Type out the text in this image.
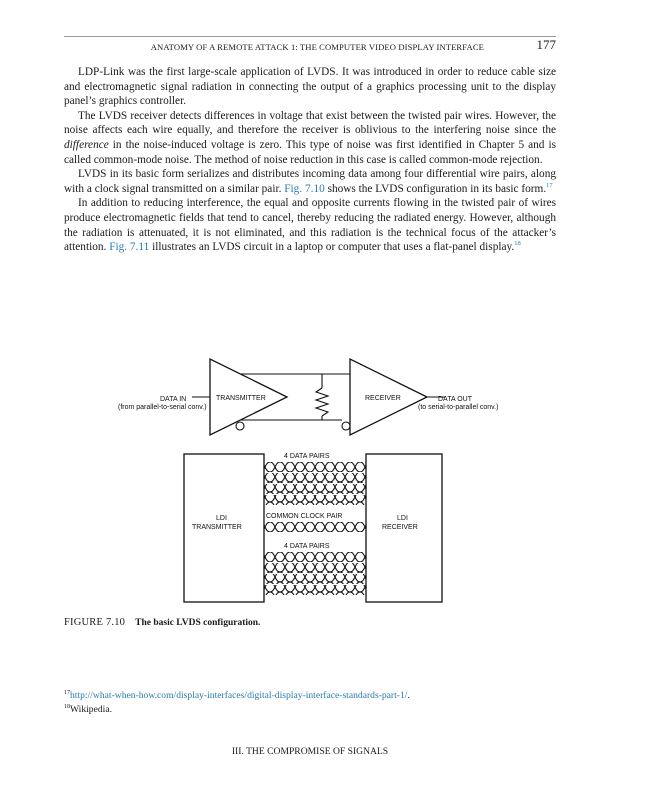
ANATOMY OF A REMOTE ATTACK 1: THE COMPUTER VIDEO DISPLAY INTERFACE	177

LDP-Link was the first large-scale application of LVDS. It was introduced in order to reduce cable size and electromagnetic signal radiation in connecting the output of a graphics processing unit to the display panel’s graphics controller.

The LVDS receiver detects differences in voltage that exist between the twisted pair wires. However, the noise affects each wire equally, and therefore the receiver is oblivious to the interfering noise since the difference in the noise-induced voltage is zero. This type of noise was first identified in Chapter 5 and is called common-mode noise. The method of noise reduction in this case is called common-mode rejection.

LVDS in its basic form serializes and distributes incoming data among four differential wire pairs, along with a clock signal transmitted on a similar pair. Fig. 7.10 shows the LVDS configuration in its basic form.$^{17}$

In addition to reducing interference, the equal and opposite currents flowing in the twisted pair of wires produce electromagnetic fields that tend to cancel, thereby reducing the radiated energy. However, although the radiation is attenuated, it is not eliminated, and this radiation is the technical focus of the attacker’s attention. Fig. 7.11 illustrates an LVDS circuit in a laptop or computer that uses a flat-panel display.$^{18}$

DATA IN
(from parallel-to-serial conv.)
TRANSMITTER	RECEIVER	DATA OUT
(to serial-to-parallel conv.)
4 DATA PAIRS
COMMON CLOCK PAIR
4 DATA PAIRS
LDI
TRANSMITTER
LDI
RECEIVER
FIGURE 7.10 The basic LVDS configuration.
$^{17}$http://what-when-how.com/display-interfaces/digital-display-interface-standards-part-1/.
$^{18}$Wikipedia.
III. THE COMPROMISE OF SIGNALS
